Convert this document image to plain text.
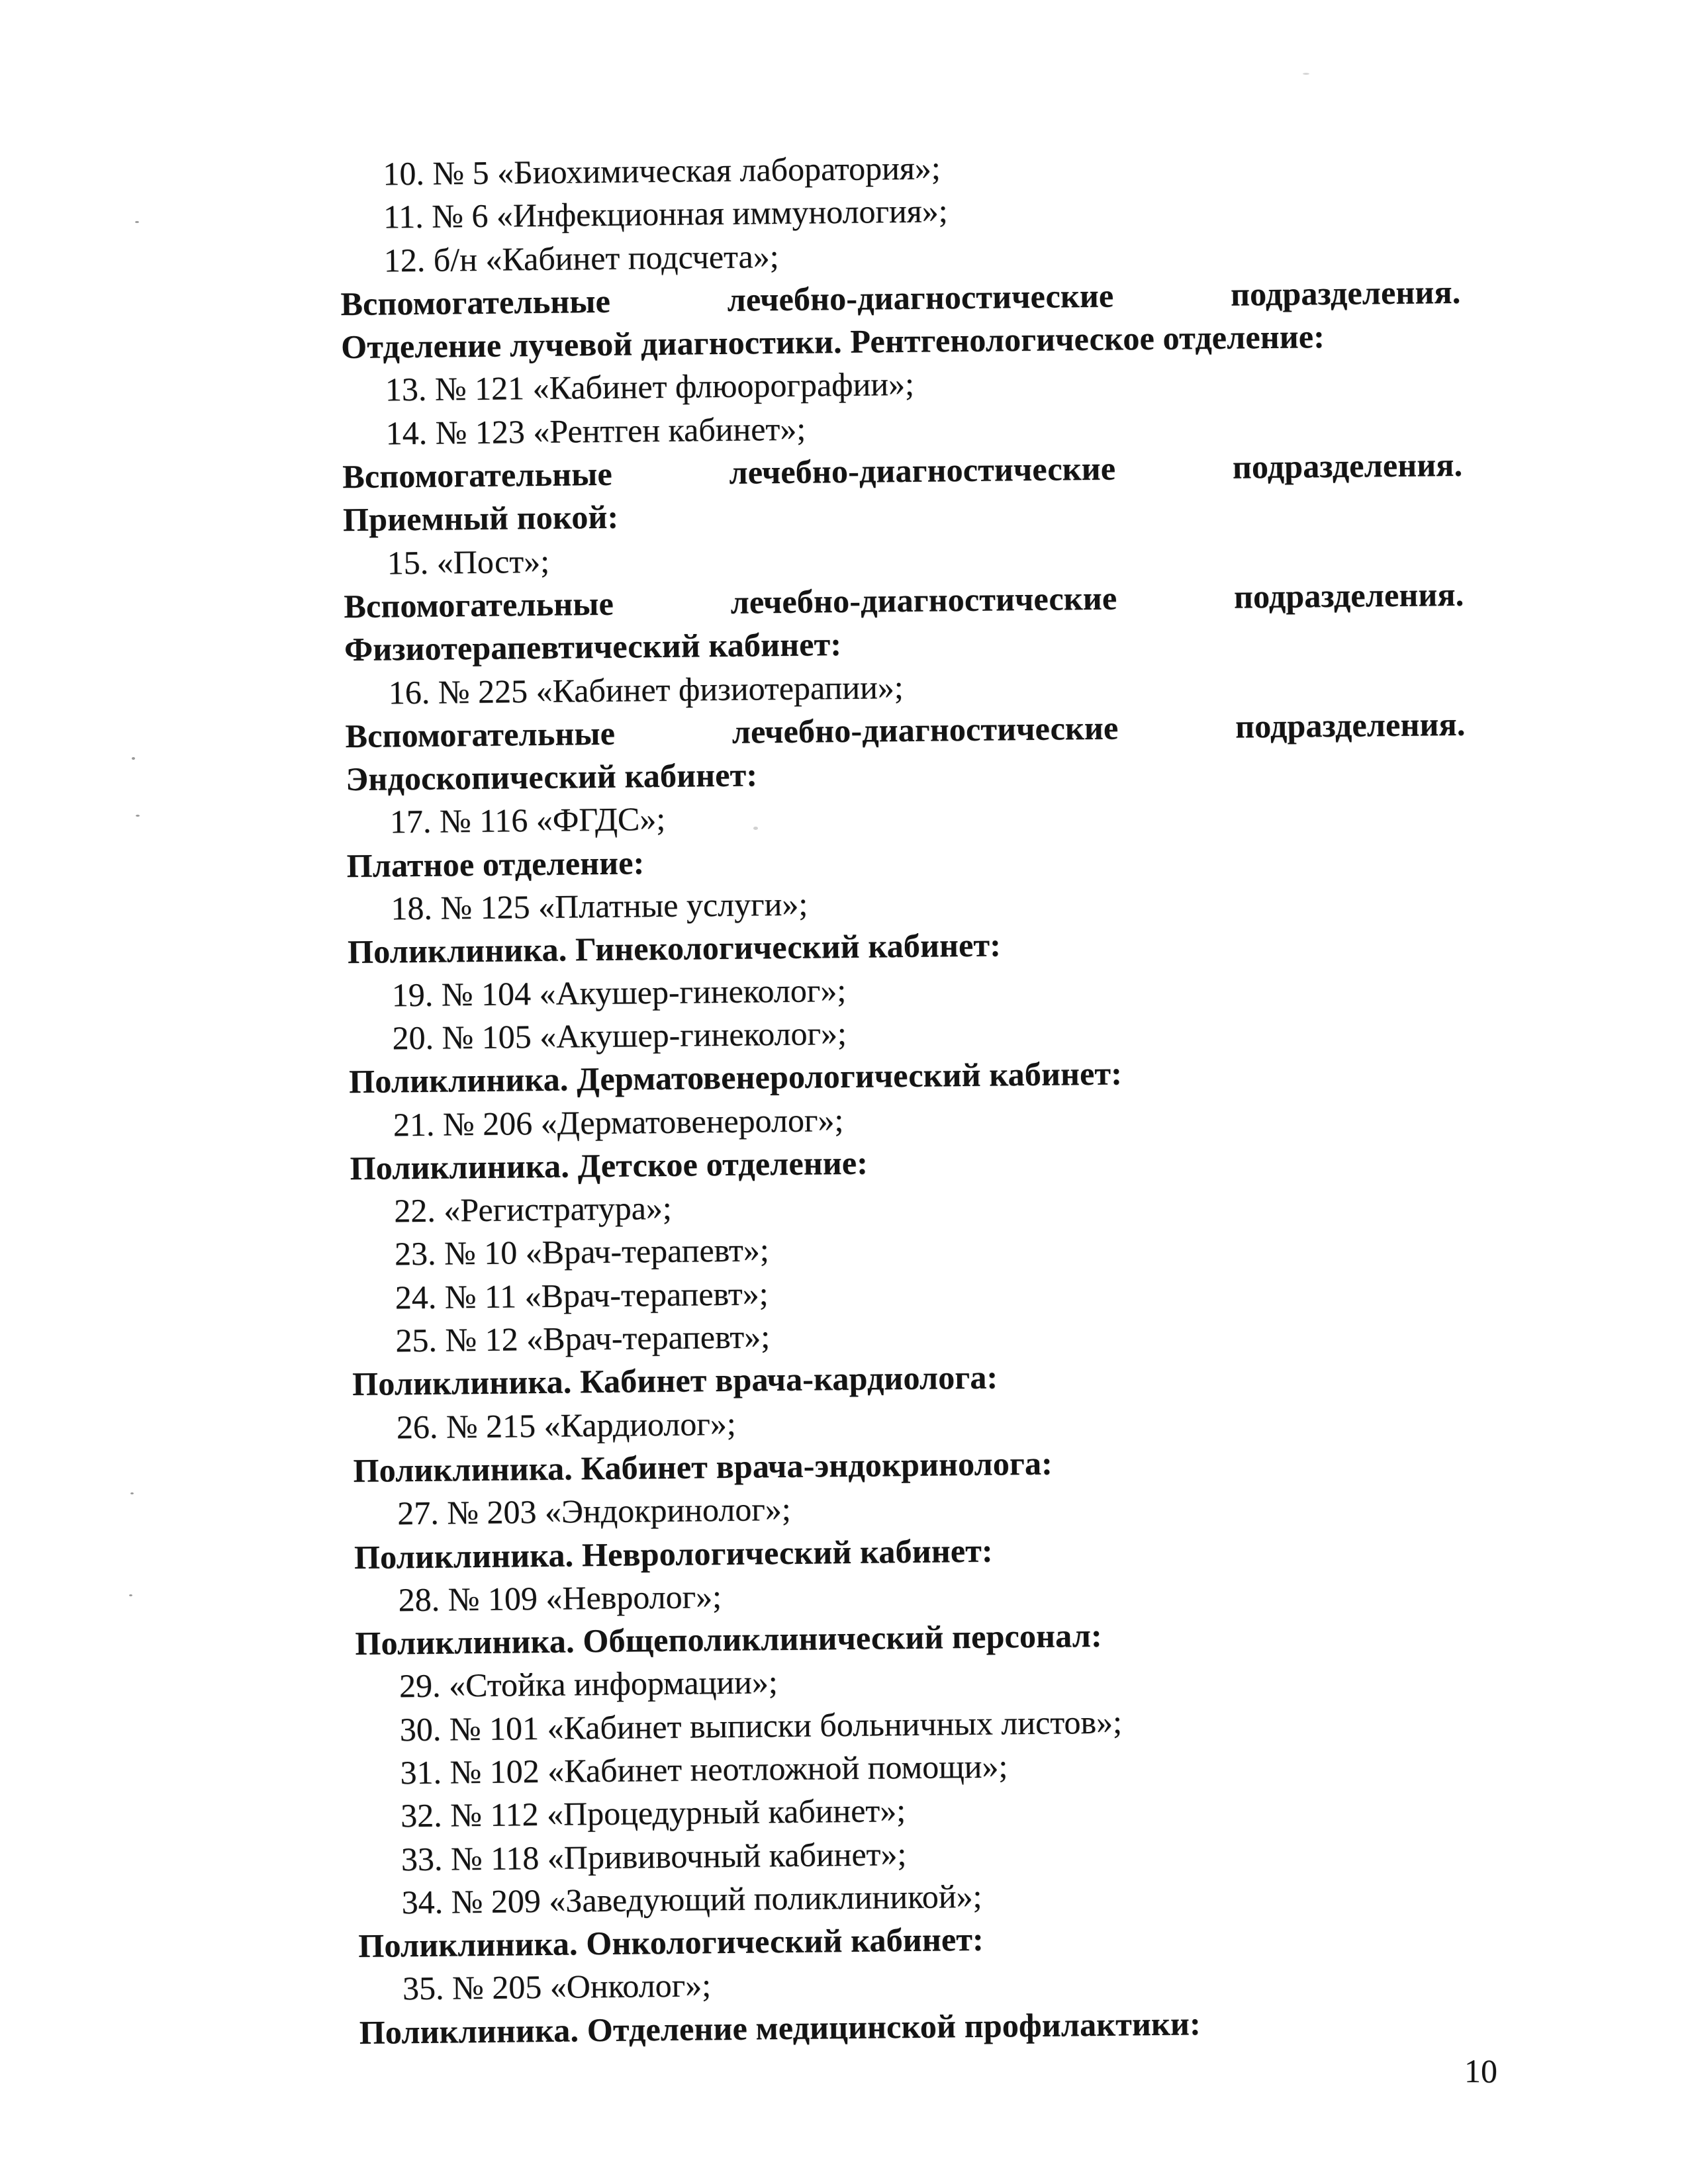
10. № 5 «Биохимическая лаборатория»;
11. № 6 «Инфекционная иммунология»;
12. б/н «Кабинет подсчета»;
Вспомогательные	лечебно-диагностические	подразделения.
Отделение лучевой диагностики. Рентгенологическое отделение:
13. № 121 «Кабинет флюорографии»;
14. № 123 «Рентген кабинет»;
Вспомогательные	лечебно-диагностические	подразделения.
Приемный покой:
15. «Пост»;
Вспомогательные	лечебно-диагностические	подразделения.
Физиотерапевтический кабинет:
16. № 225 «Кабинет физиотерапии»;
Вспомогательные	лечебно-диагностические	подразделения.
Эндоскопический кабинет:
17. № 116 «ФГДС»;
Платное отделение:
18. № 125 «Платные услуги»;
Поликлиника. Гинекологический кабинет:
19. № 104 «Акушер-гинеколог»;
20. № 105 «Акушер-гинеколог»;
Поликлиника. Дерматовенерологический кабинет:
21. № 206 «Дерматовенеролог»;
Поликлиника. Детское отделение:
22. «Регистратура»;
23. № 10 «Врач-терапевт»;
24. № 11 «Врач-терапевт»;
25. № 12 «Врач-терапевт»;
Поликлиника. Кабинет врача-кардиолога:
26. № 215 «Кардиолог»;
Поликлиника. Кабинет врача-эндокринолога:
27. № 203 «Эндокринолог»;
Поликлиника. Неврологический кабинет:
28. № 109 «Невролог»;
Поликлиника. Общеполиклинический персонал:
29. «Стойка информации»;
30. № 101 «Кабинет выписки больничных листов»;
31. № 102 «Кабинет неотложной помощи»;
32. № 112 «Процедурный кабинет»;
33. № 118 «Прививочный кабинет»;
34. № 209 «Заведующий поликлиникой»;
Поликлиника. Онкологический кабинет:
35. № 205 «Онколог»;
Поликлиника. Отделение медицинской профилактики:
10
